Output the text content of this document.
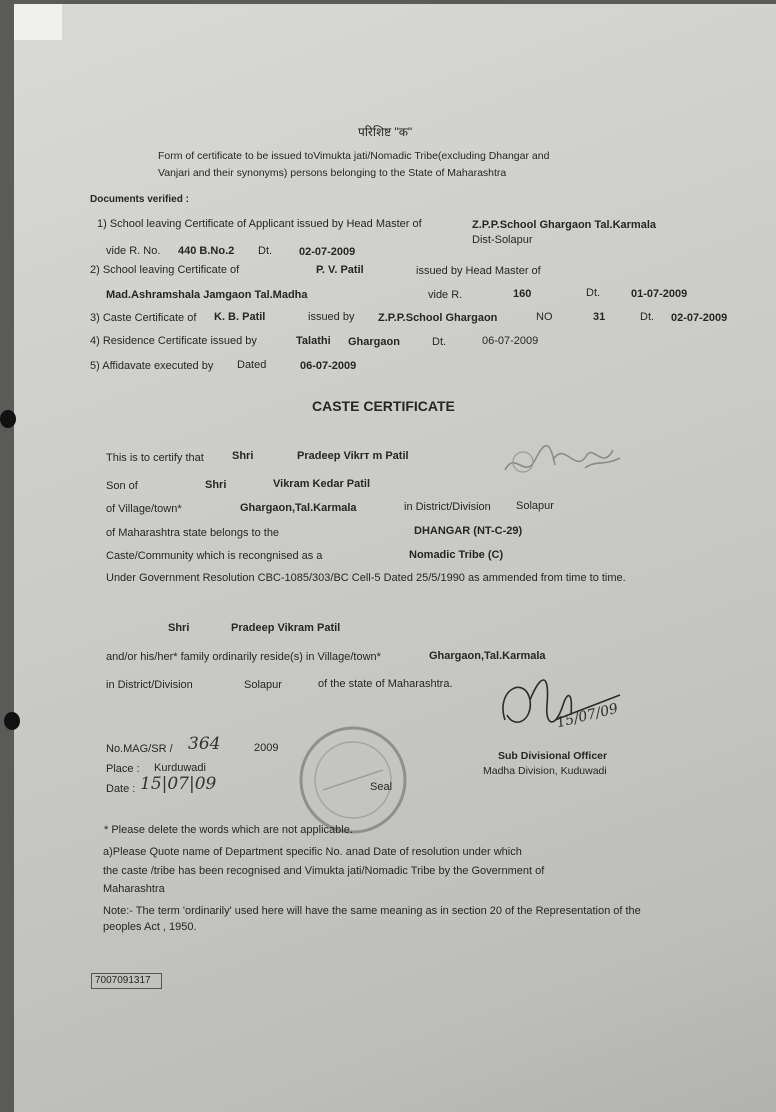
परिशिष्ट "क"
Form of certificate to be issued toVimukta jati/Nomadic Tribe(excluding Dhangar and
Vanjari and their synonyms) persons belonging to the State of Maharashtra
Documents verified :
1) School leaving Certificate of Applicant issued by Head Master of	Z.P.P.School Ghargaon Tal.Karmala
Dist-Solapur
vide R. No. 440 B.No.2 Dt. 02-07-2009
2) School leaving Certificate of	P. V. Patil	issued by Head Master of
Mad.Ashramshala Jamgaon Tal.Madha	vide R.	160	Dt.	01-07-2009
3) Caste Certificate of K. B. Patil	issued by Z.P.P.School Ghargaon	NO	31	Dt. 02-07-2009
4) Residence Certificate issued by	Talathi Ghargaon	Dt.	06-07-2009
5) Affidavate executed by Dated	06-07-2009
CASTE CERTIFICATE
This is to certify that	Shri	Pradeep Vikrт m Patil
Son of	Shri	Vikram Kedar Patil
of Village/town*	Ghargaon,Tal.Karmala	in District/Division Solapur
of Maharashtra state belongs to the	DHANGAR (NT-C-29)
Caste/Community which is recongnised as a	Nomadic Tribe (C)
Under Government Resolution CBC-1085/303/BC Cell-5 Dated 25/5/1990 as ammended from time to time.
Shri	Pradeep Vikram Patil
and/or his/her* family ordinarily reside(s) in Village/town*	Ghargaon,Tal.Karmala
in District/Division	Solapur	of the state of Maharashtra.
No.MAG/SR / 364	2009
Place : Kurduwadi
Date : 15|07|09	Seal
15/07/09
Sub Divisional Officer
Madha Division, Kuduwadi
* Please delete the words which are not applicable.
a)Please Quote name of Department specific No. anad Date of resolution under which
the caste /tribe has been recognised and Vimukta jati/Nomadic Tribe by the Government of
Maharashtra
Note:- The term 'ordinarily' used here will have the same meaning as in section 20 of the Representation of the
peoples Act , 1950.
7007091317
